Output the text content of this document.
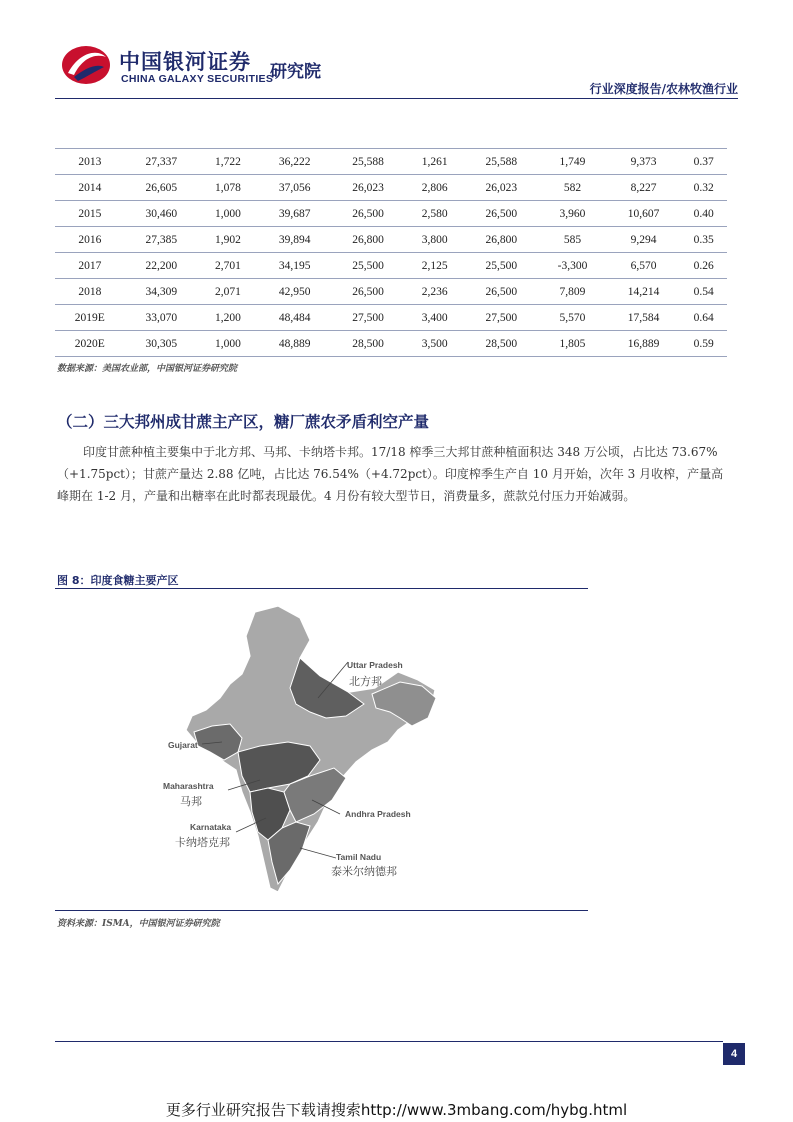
中国银河证券
CHINA GALAXY SECURITIES
研究院
行业深度报告/农林牧渔行业
2013	27,337	1,722	36,222	25,588	1,261	25,588	1,749	9,373	0.37
2014	26,605	1,078	37,056	26,023	2,806	26,023	582	8,227	0.32
2015	30,460	1,000	39,687	26,500	2,580	26,500	3,960	10,607	0.40
2016	27,385	1,902	39,894	26,800	3,800	26,800	585	9,294	0.35
2017	22,200	2,701	34,195	25,500	2,125	25,500	-3,300	6,570	0.26
2018	34,309	2,071	42,950	26,500	2,236	26,500	7,809	14,214	0.54
2019E	33,070	1,200	48,484	27,500	3,400	27,500	5,570	17,584	0.64
2020E	30,305	1,000	48,889	28,500	3,500	28,500	1,805	16,889	0.59
数据来源：美国农业部，中国银河证券研究院
（二）三大邦州成甘蔗主产区，糖厂蔗农矛盾利空产量

印度甘蔗种植主要集中于北方邦、马邦、卡纳塔卡邦。17/18 榨季三大邦甘蔗种植面积达 348 万公顷，占比达 73.67%（+1.75pct）；甘蔗产量达 2.88 亿吨，占比达 76.54%（+4.72pct）。印度榨季生产自 10 月开始，次年 3 月收榨，产量高峰期在 1-2 月，产量和出糖率在此时都表现最优。4 月份有较大型节日，消费量多，蔗款兑付压力开始减弱。

图 8：印度食糖主要产区
Uttar Pradesh
北方邦
Gujarat
Maharashtra
马邦
Karnataka
卡纳塔克邦
Andhra Pradesh
Tamil Nadu
泰米尔纳德邦
资料来源：ISMA，中国银河证券研究院
4
更多行业研究报告下载请搜索http://www.3mbang.com/hybg.html
